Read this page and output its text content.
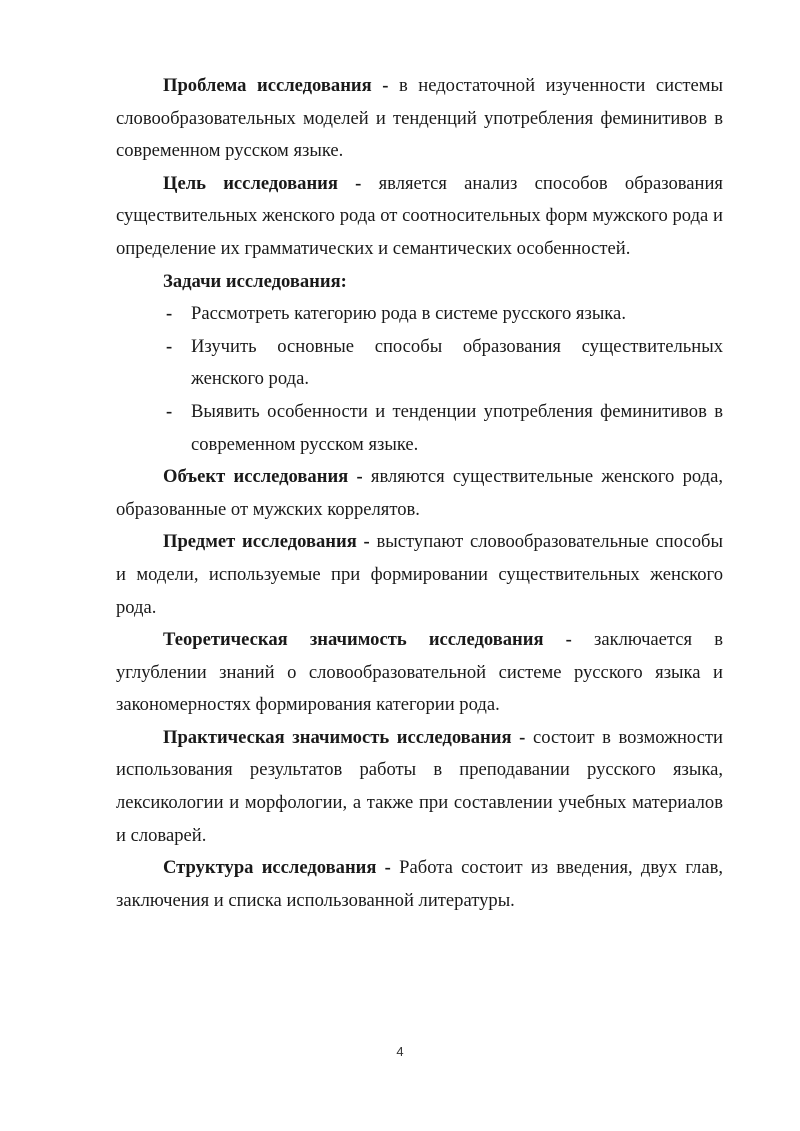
Проблема исследования - в недостаточной изученности системы словообразовательных моделей и тенденций употребления феминитивов в современном русском языке.

Цель исследования - является анализ способов образования существительных женского рода от соотносительных форм мужского рода и определение их грамматических и семантических особенностей.

Задачи исследования:

- Рассмотреть категорию рода в системе русского языка.
- Изучить основные способы образования существительных женского рода.
- Выявить особенности и тенденции употребления феминитивов в современном русском языке.

Объект исследования - являются существительные женского рода, образованные от мужских коррелятов.

Предмет исследования - выступают словообразовательные способы и модели, используемые при формировании существительных женского рода.

Теоретическая значимость исследования - заключается в углублении знаний о словообразовательной системе русского языка и закономерностях формирования категории рода.

Практическая значимость исследования - состоит в возможности использования результатов работы в преподавании русского языка, лексикологии и морфологии, а также при составлении учебных материалов и словарей.

Структура исследования - Работа состоит из введения, двух глав, заключения и списка использованной литературы.

4
